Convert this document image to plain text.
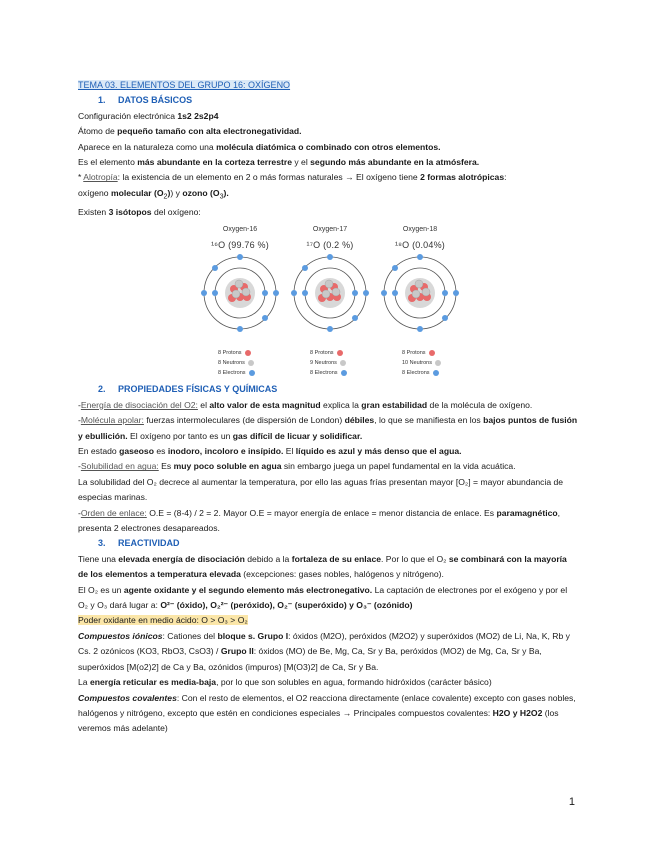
TEMA 03. ELEMENTOS DEL GRUPO 16: OXÍGENO

1. DATOS BÁSICOS

Configuración electrónica 1s2 2s2p4

Átomo de pequeño tamaño con alta electronegatividad.

Aparece en la naturaleza como una molécula diatómica o combinado con otros elementos.

Es el elemento más abundante en la corteza terrestre y el segundo más abundante en la atmósfera.

* Alotropía: la existencia de un elemento en 2 o más formas naturales → El oxígeno tiene 2 formas alotrópicas:

oxígeno molecular $(O_2)$) y ozono $(O_3)$.

Existen 3 isótopos del oxígeno:

Oxygen-16
¹⁶O (99.76 %)
Oxygen-17
¹⁷O (0.2 %)
Oxygen-18
¹⁸O (0.04%)
8 Protons
8 Neutrons
8 Electrons
8 Protons
9 Neutrons
8 Electrons
8 Protons
10 Neutrons
8 Electrons

2. PROPIEDADES FÍSICAS Y QUÍMICAS

-Energía de disociación del O2: el alto valor de esta magnitud explica la gran estabilidad de la molécula de oxígeno.

-Molécula apolar: fuerzas intermoleculares (de dispersión de London) débiles, lo que se manifiesta en los bajos puntos de fusión y ebullición. El oxígeno por tanto es un gas difícil de licuar y solidificar.

En estado gaseoso es inodoro, incoloro e insípido. El líquido es azul y más denso que el agua.

-Solubilidad en agua: Es muy poco soluble en agua sin embargo juega un papel fundamental en la vida acuática.

La solubilidad del O₂ decrece al aumentar la temperatura, por ello las aguas frías presentan mayor [O₂] = mayor abundancia de especias marinas.

-Orden de enlace: O.E = (8-4) / 2 = 2. Mayor O.E = mayor energía de enlace = menor distancia de enlace. Es paramagnético, presenta 2 electrones desapareados.

3. REACTIVIDAD

Tiene una elevada energía de disociación debido a la fortaleza de su enlace. Por lo que el O₂ se combinará con la mayoría de los elementos a temperatura elevada (excepciones: gases nobles, halógenos y nitrógeno).

El O₂ es un agente oxidante y el segundo elemento más electronegativo. La captación de electrones por el exógeno y por el O₂ y O₃ dará lugar a: O²⁻ (óxido), O₂²⁻ (peróxido), O₂⁻ (superóxido) y O₃⁻ (ozónido)

Poder oxidante en medio ácido: O > O₃ > O₂

Compuestos iónicos: Cationes del bloque s. Grupo I: óxidos (M2O), peróxidos (M2O2) y superóxidos (MO2) de Li, Na, K, Rb y Cs. 2 ozónicos (KO3, RbO3, CsO3) / Grupo II: óxidos (MO) de Be, Mg, Ca, Sr y Ba, peróxidos (MO2) de Mg, Ca, Sr y Ba, superóxidos [M(o2)2] de Ca y Ba, ozónidos (impuros) [M(O3)2] de Ca, Sr y Ba.

La energía reticular es media-baja, por lo que son solubles en agua, formando hidróxidos (carácter básico)

Compuestos covalentes: Con el resto de elementos, el O2 reacciona directamente (enlace covalente) excepto con gases nobles, halógenos y nitrógeno, excepto que estén en condiciones especiales → Principales compuestos covalentes: H2O y H2O2 (los veremos más adelante)

1
